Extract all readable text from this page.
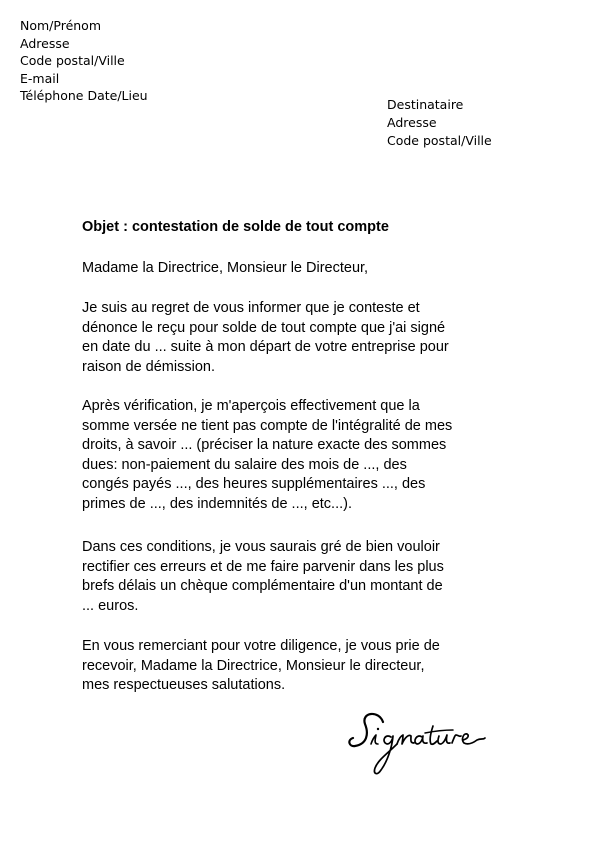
Nom/Prénom
Adresse
Code postal/Ville
E-mail
Téléphone Date/Lieu
Destinataire
Adresse
Code postal/Ville
Objet : contestation de solde de tout compte
Madame la Directrice, Monsieur le Directeur,
Je suis au regret de vous informer que je conteste et
dénonce le reçu pour solde de tout compte que j'ai signé
en date du ... suite à mon départ de votre entreprise pour
raison de démission.
Après vérification, je m'aperçois effectivement que la
somme versée ne tient pas compte de l'intégralité de mes
droits, à savoir ... (préciser la nature exacte des sommes
dues: non-paiement du salaire des mois de ..., des
congés payés ..., des heures supplémentaires ..., des
primes de ..., des indemnités de ..., etc...).
Dans ces conditions, je vous saurais gré de bien vouloir
rectifier ces erreurs et de me faire parvenir dans les plus
brefs délais un chèque complémentaire d'un montant de
... euros.
En vous remerciant pour votre diligence, je vous prie de
recevoir, Madame la Directrice, Monsieur le directeur,
mes respectueuses salutations.
